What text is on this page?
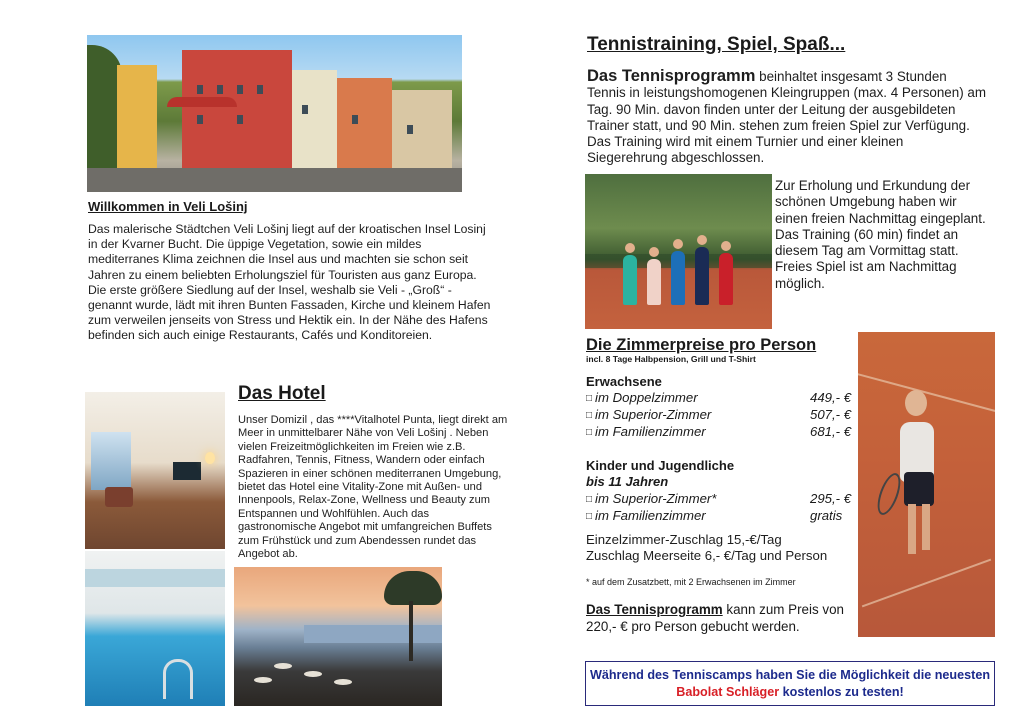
Willkommen in Veli Lošinj

Das malerische Städtchen Veli Lošinj liegt auf der kroatischen Insel Losinj in der Kvarner Bucht. Die üppige Vegetation, sowie ein mildes mediterranes Klima zeichnen die Insel aus und machten sie schon seit Jahren zu einem beliebten Erholungsziel für Touristen aus ganz Europa.

Die erste größere Siedlung auf der Insel, weshalb sie Veli - „Groß“ - genannt wurde, lädt mit ihren Bunten Fassaden, Kirche und kleinem Hafen zum verweilen jenseits von Stress und Hektik ein. In der Nähe des Hafens befinden sich auch einige Restaurants, Cafés und Konditoreien.

Das Hotel
Unser Domizil , das ****Vitalhotel Punta, liegt direkt am Meer in unmittelbarer Nähe von Veli Lošinj . Neben vielen Freizeitmöglichkeiten im Freien wie z.B. Radfahren, Tennis, Fitness, Wandern oder einfach Spazieren in einer schönen mediterranen Umgebung, bietet das Hotel eine Vitality-Zone mit Außen- und Innenpools, Relax-Zone, Wellness und Beauty zum Entspannen und Wohlfühlen. Auch das gastronomische Angebot mit umfangreichen Buffets zum Frühstück und zum Abendessen rundet das Angebot ab.
Tennistraining, Spiel, Spaß...
Das Tennisprogramm beinhaltet insgesamt 3 Stunden Tennis in leistungshomogenen Kleingruppen (max. 4 Personen) am Tag. 90 Min. davon finden unter der Leitung der ausgebildeten Trainer statt, und 90 Min. stehen zum freien Spiel zur Verfügung. Das Training wird mit einem Turnier und einer kleinen Siegerehrung abgeschlossen.
Zur Erholung und Erkundung der schönen Umgebung haben wir einen freien Nachmittag eingeplant. Das Training (60 min) findet an diesem Tag am Vormittag statt. Freies Spiel ist am Nachmittag möglich.
Die Zimmerpreise pro Person
incl. 8 Tage Halbpension, Grill und T-Shirt
Erwachsene
□ im Doppelzimmer	449,- €
□ im Superior-Zimmer	507,- €
□ im Familienzimmer	681,- €
Kinder und Jugendliche
bis 11 Jahren
□ im Superior-Zimmer*	295,- €
□ im Familienzimmer	gratis
Einzelzimmer-Zuschlag 15,-€/Tag
Zuschlag Meerseite 6,- €/Tag und Person
* auf dem Zusatzbett, mit 2 Erwachsenen im Zimmer
Das Tennisprogramm kann zum Preis von 220,- € pro Person gebucht werden.
Während des Tenniscamps haben Sie die Möglichkeit die neuesten Babolat Schläger kostenlos zu testen!
